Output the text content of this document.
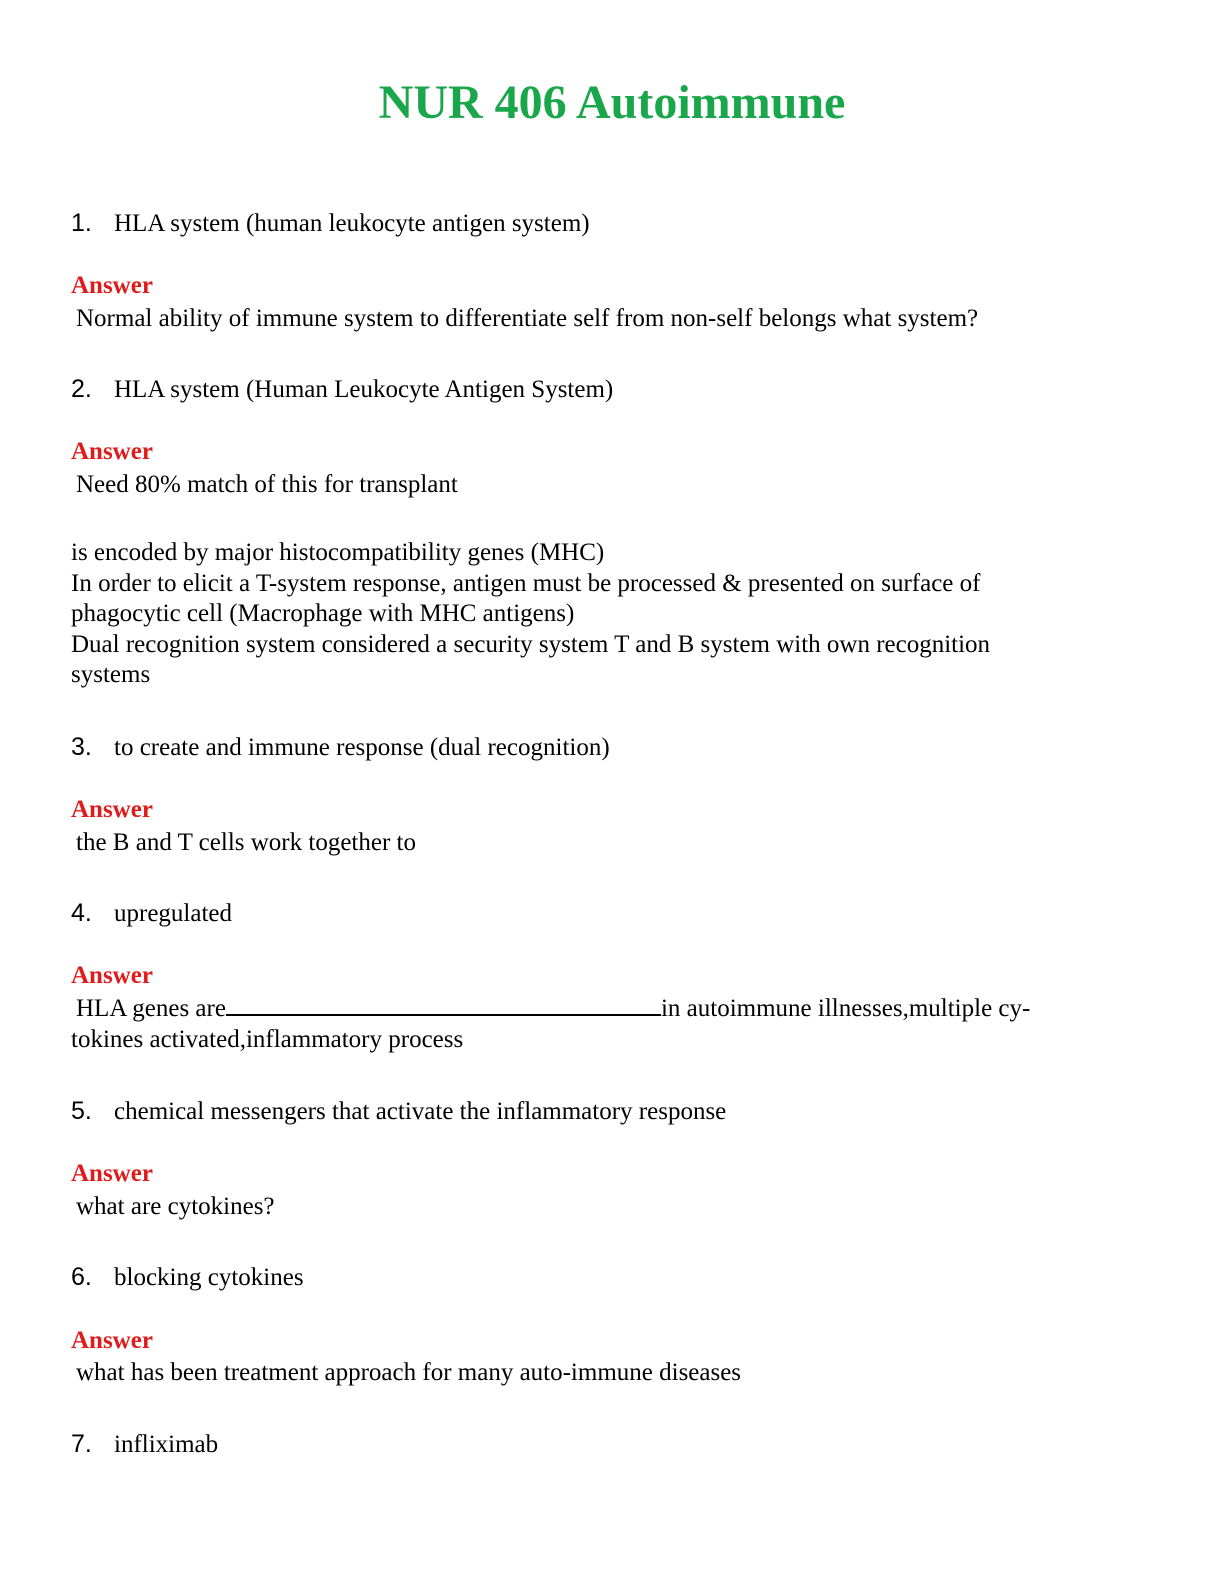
NUR 406 Autoimmune
1. HLA system (human leukocyte antigen system)
Answer
Normal ability of immune system to differentiate self from non-self belongs what system?
2. HLA system (Human Leukocyte Antigen System)
Answer
Need 80% match of this for transplant
is encoded by major histocompatibility genes (MHC)
In order to elicit a T-system response, antigen must be processed & presented on surface of
phagocytic cell (Macrophage with MHC antigens)
Dual recognition system considered a security system T and B system with own recognition
systems
3. to create and immune response (dual recognition)
Answer
the B and T cells work together to
4. upregulated
Answer
HLA genes are	in autoimmune illnesses,multiple cy-
tokines activated,inflammatory process
5. chemical messengers that activate the inflammatory response
Answer
what are cytokines?
6. blocking cytokines
Answer
what has been treatment approach for many auto-immune diseases
7. infliximab
